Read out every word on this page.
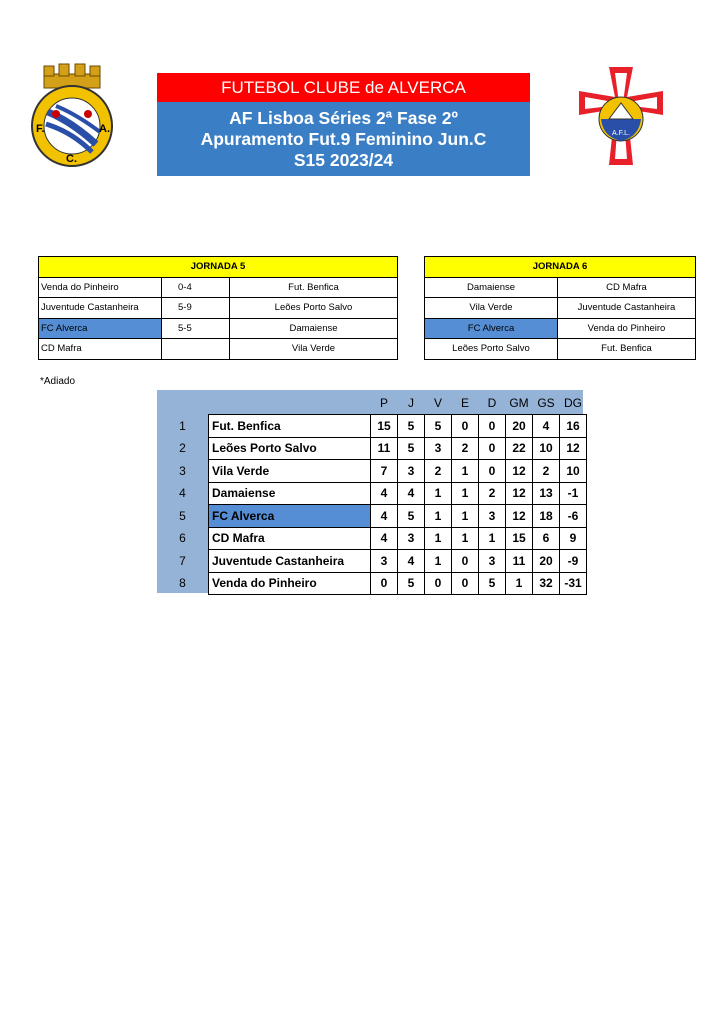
F.	A.
C.
A.F.L.
FUTEBOL CLUBE de ALVERCA
AF Lisboa Séries 2ª Fase 2º
Apuramento Fut.9 Feminino Jun.C
S15 2023/24
JORNADA 5		
Venda do Pinheiro	0-4	Fut. Benfica
Juventude Castanheira	5-9	Leões Porto Salvo
FC Alverca	5-5	Damaiense
CD Mafra		Vila Verde
JORNADA 6	
Damaiense	CD Mafra
Vila Verde	Juventude Castanheira
FC Alverca	Venda do Pinheiro
Leões Porto Salvo	Fut. Benfica
*Adiado
		P	J	V	E	D	GM	GS	DG
1	Fut. Benfica	15	5	5	0	0	20	4	16
2	Leões Porto Salvo	11	5	3	2	0	22	10	12
3	Vila Verde	7	3	2	1	0	12	2	10
4	Damaiense	4	4	1	1	2	12	13	-1
5	FC Alverca	4	5	1	1	3	12	18	-6
6	CD Mafra	4	3	1	1	1	15	6	9
7	Juventude Castanheira	3	4	1	0	3	11	20	-9
8	Venda do Pinheiro	0	5	0	0	5	1	32	-31
